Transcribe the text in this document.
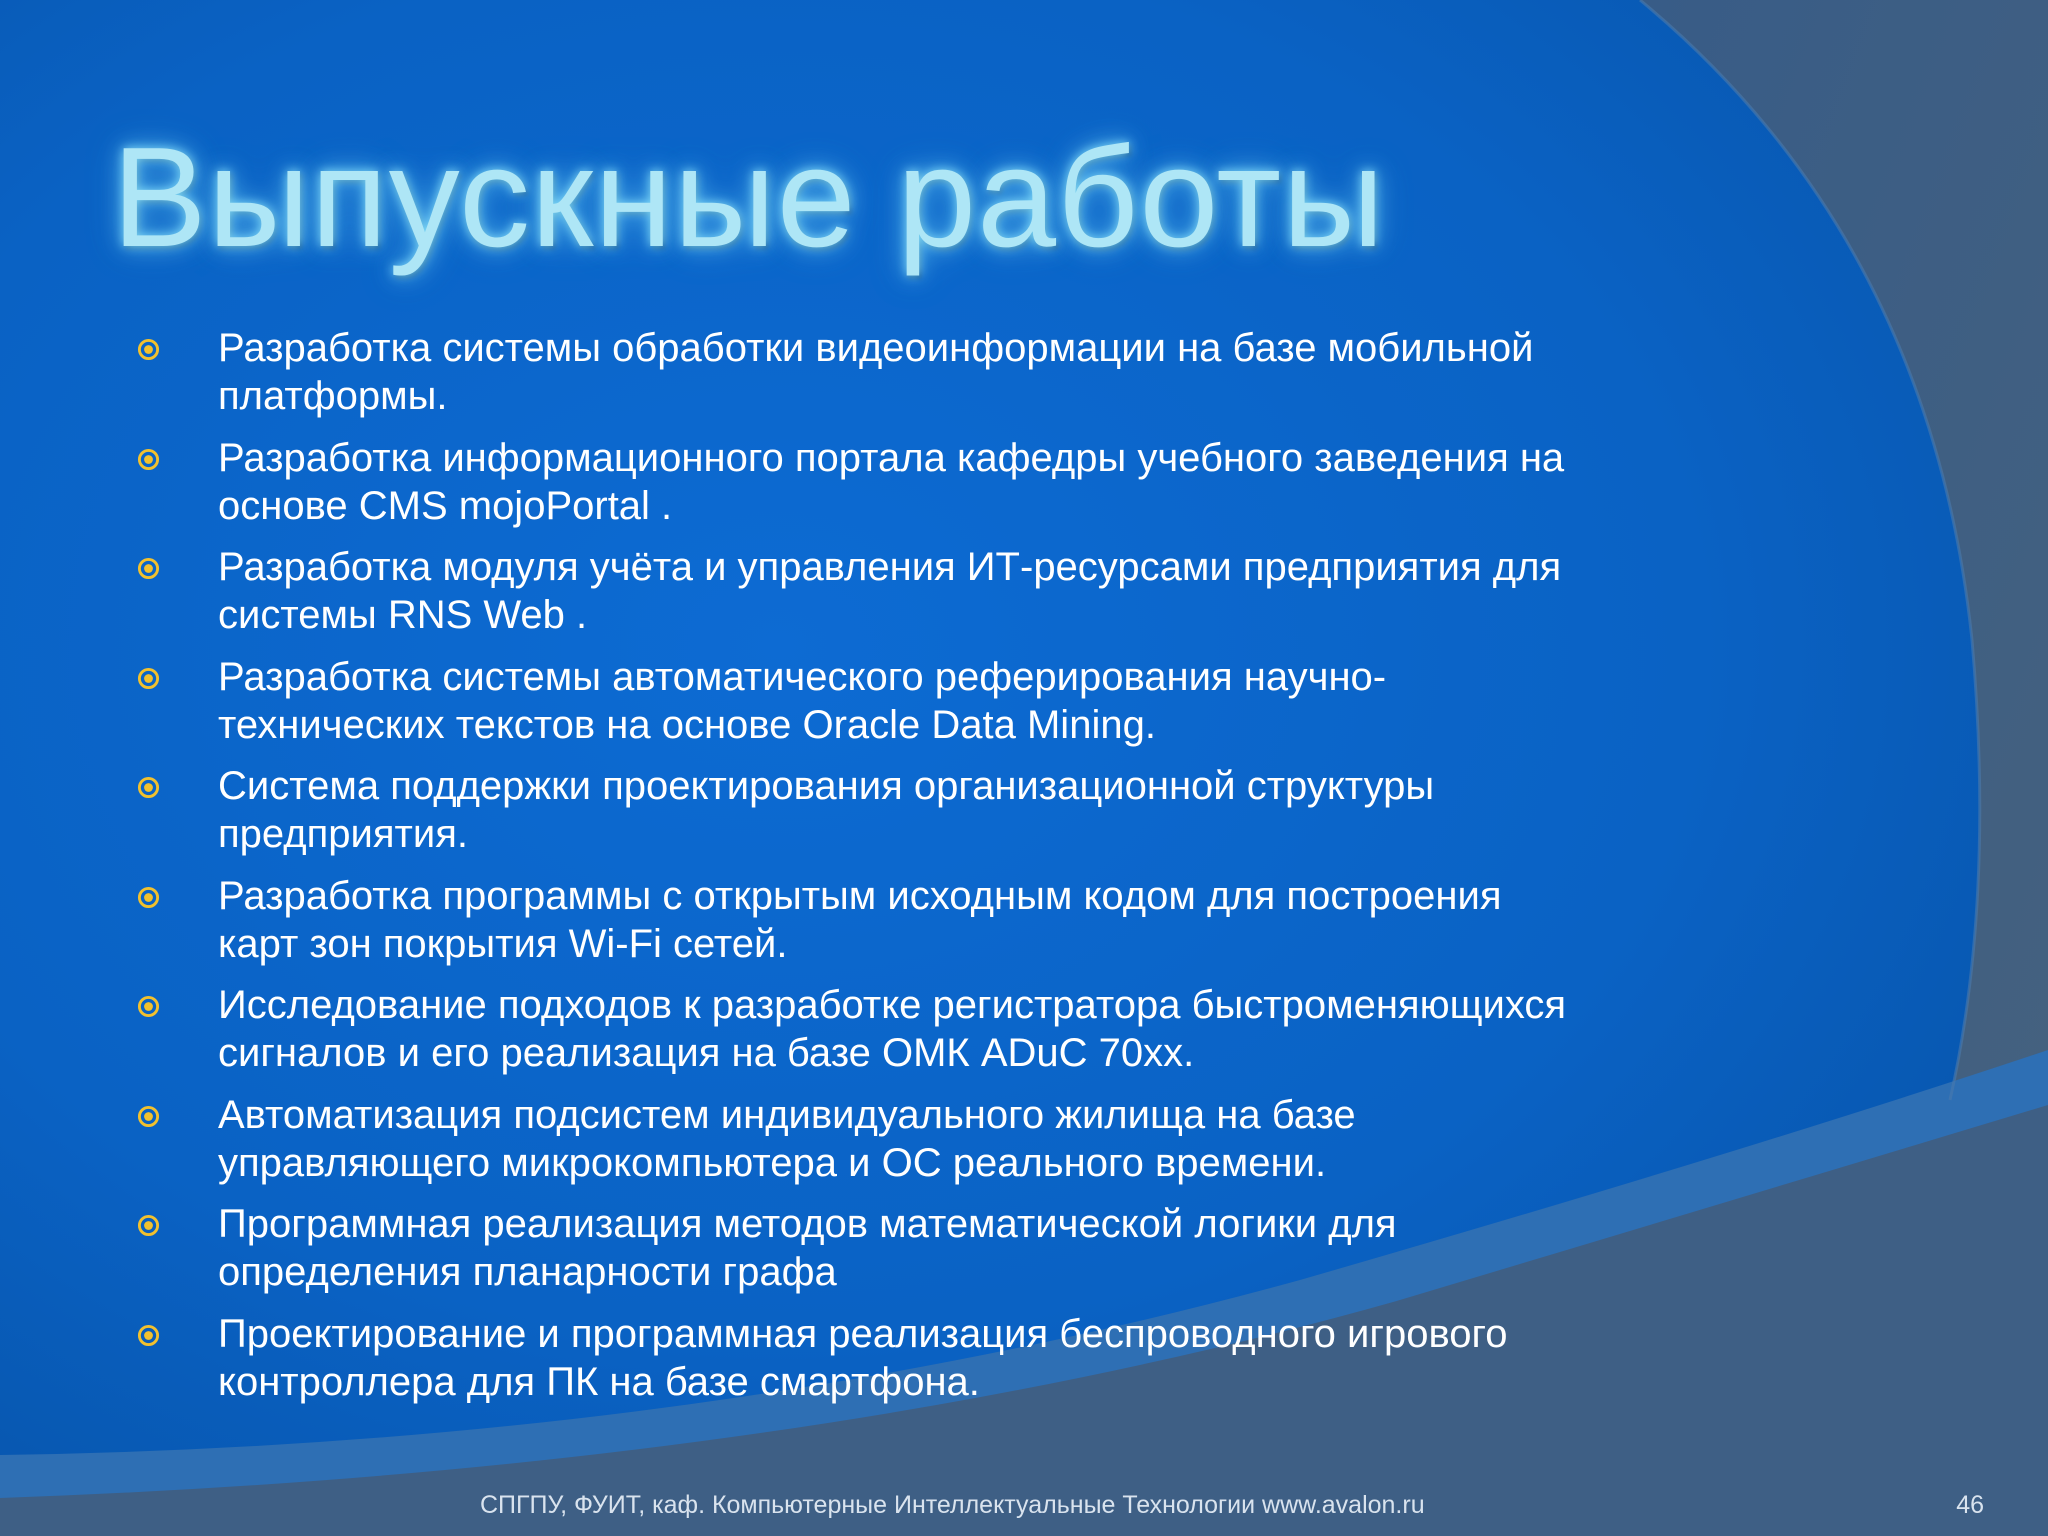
Выпускные работы
Разработка системы обработки видеоинформации на базе мобильной
платформы.
Разработка информационного портала кафедры учебного заведения на
основе CMS mojoPortal .
Разработка модуля учёта и управления ИТ-ресурсами предприятия для
системы RNS Web .
Разработка системы автоматического реферирования научно-
технических текстов на основе Oracle Data Mining.
Система поддержки проектирования организационной структуры
предприятия.
Разработка программы с открытым исходным кодом для построения
карт зон покрытия Wi-Fi сетей.
Исследование подходов к разработке регистратора быстроменяющихся
сигналов и его реализация на базе ОМК ADuC 70xx.
Автоматизация подсистем индивидуального жилища на базе
управляющего микрокомпьютера и ОС реального времени.
Программная реализация методов математической логики для
определения планарности графа
Проектирование и программная реализация беспроводного игрового
контроллера для ПК на базе смартфона.
СПГПУ, ФУИТ, каф. Компьютерные Интеллектуальные Технологии www.avalon.ru	46
